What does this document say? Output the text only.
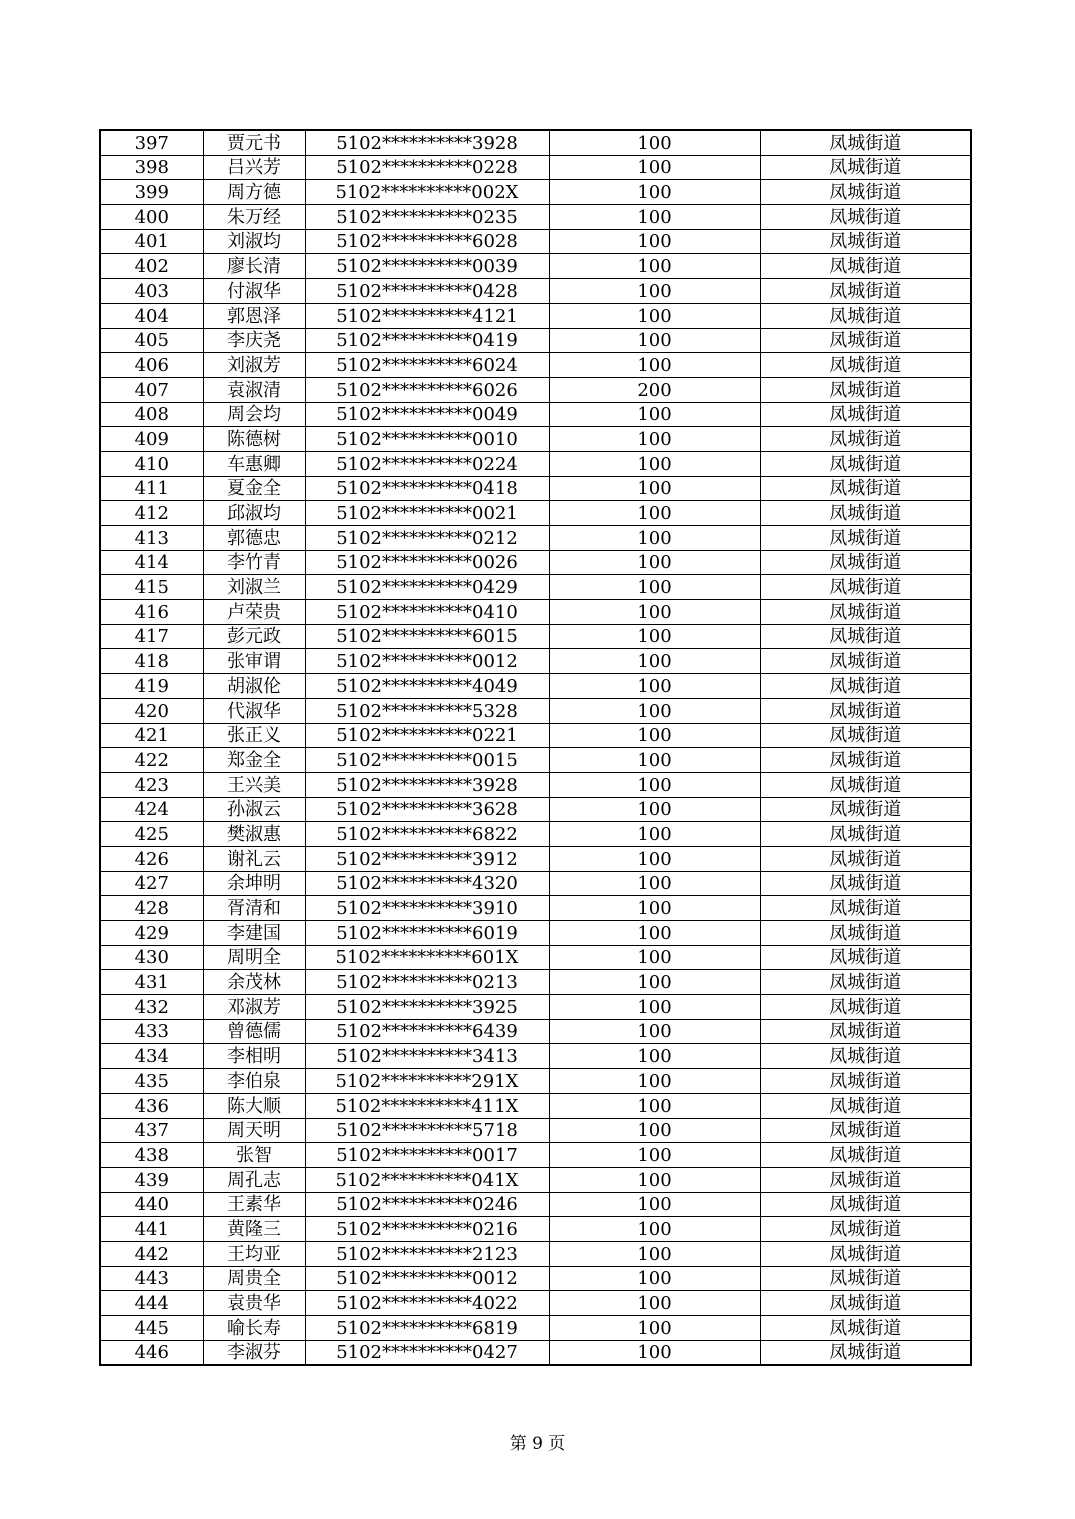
397	贾元书	5102**********3928	100	凤城街道
398	吕兴芳	5102**********0228	100	凤城街道
399	周方德	5102**********002X	100	凤城街道
400	朱万经	5102**********0235	100	凤城街道
401	刘淑均	5102**********6028	100	凤城街道
402	廖长清	5102**********0039	100	凤城街道
403	付淑华	5102**********0428	100	凤城街道
404	郭恩泽	5102**********4121	100	凤城街道
405	李庆尧	5102**********0419	100	凤城街道
406	刘淑芳	5102**********6024	100	凤城街道
407	袁淑清	5102**********6026	200	凤城街道
408	周会均	5102**********0049	100	凤城街道
409	陈德树	5102**********0010	100	凤城街道
410	车惠卿	5102**********0224	100	凤城街道
411	夏金全	5102**********0418	100	凤城街道
412	邱淑均	5102**********0021	100	凤城街道
413	郭德忠	5102**********0212	100	凤城街道
414	李竹青	5102**********0026	100	凤城街道
415	刘淑兰	5102**********0429	100	凤城街道
416	卢荣贵	5102**********0410	100	凤城街道
417	彭元政	5102**********6015	100	凤城街道
418	张审谓	5102**********0012	100	凤城街道
419	胡淑伦	5102**********4049	100	凤城街道
420	代淑华	5102**********5328	100	凤城街道
421	张正义	5102**********0221	100	凤城街道
422	郑金全	5102**********0015	100	凤城街道
423	王兴美	5102**********3928	100	凤城街道
424	孙淑云	5102**********3628	100	凤城街道
425	樊淑惠	5102**********6822	100	凤城街道
426	谢礼云	5102**********3912	100	凤城街道
427	余坤明	5102**********4320	100	凤城街道
428	胥清和	5102**********3910	100	凤城街道
429	李建国	5102**********6019	100	凤城街道
430	周明全	5102**********601X	100	凤城街道
431	余茂林	5102**********0213	100	凤城街道
432	邓淑芳	5102**********3925	100	凤城街道
433	曾德儒	5102**********6439	100	凤城街道
434	李相明	5102**********3413	100	凤城街道
435	李伯泉	5102**********291X	100	凤城街道
436	陈大顺	5102**********411X	100	凤城街道
437	周天明	5102**********5718	100	凤城街道
438	张智	5102**********0017	100	凤城街道
439	周孔志	5102**********041X	100	凤城街道
440	王素华	5102**********0246	100	凤城街道
441	黄隆三	5102**********0216	100	凤城街道
442	王均亚	5102**********2123	100	凤城街道
443	周贵全	5102**********0012	100	凤城街道
444	袁贵华	5102**********4022	100	凤城街道
445	喻长寿	5102**********6819	100	凤城街道
446	李淑芬	5102**********0427	100	凤城街道
第 9 页
